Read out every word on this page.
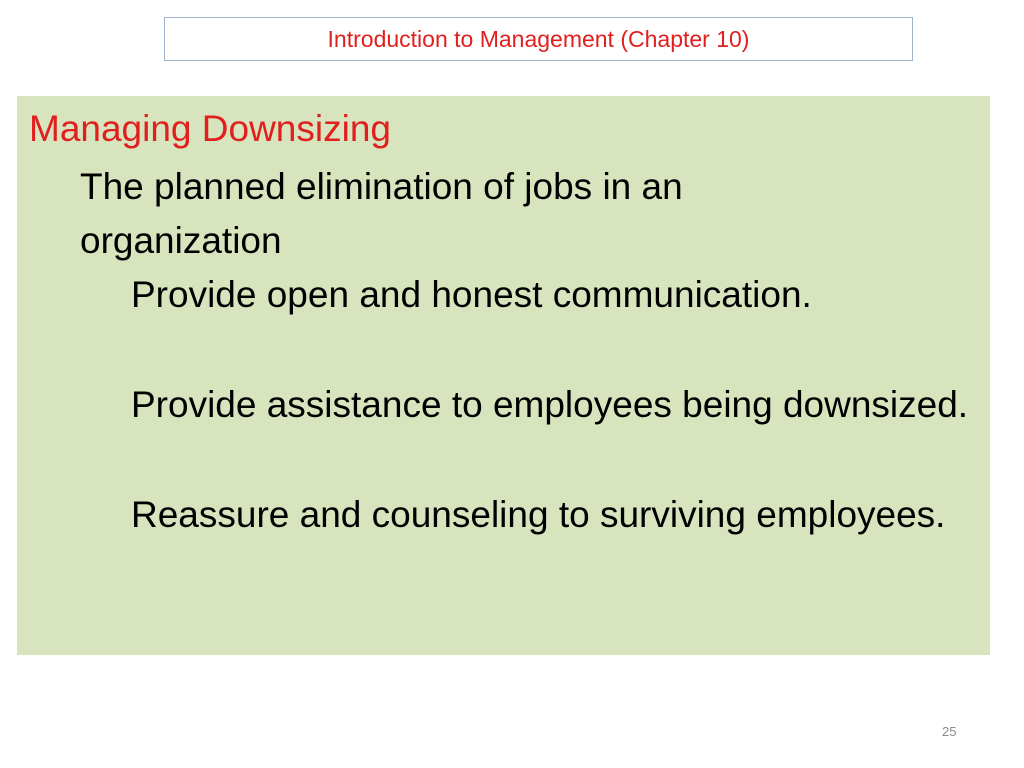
Introduction to Management (Chapter 10)
Managing Downsizing

The planned elimination of jobs in an organization

Provide open and honest communication.
Provide assistance to employees being downsized.
Reassure and counseling to surviving employees.
25
